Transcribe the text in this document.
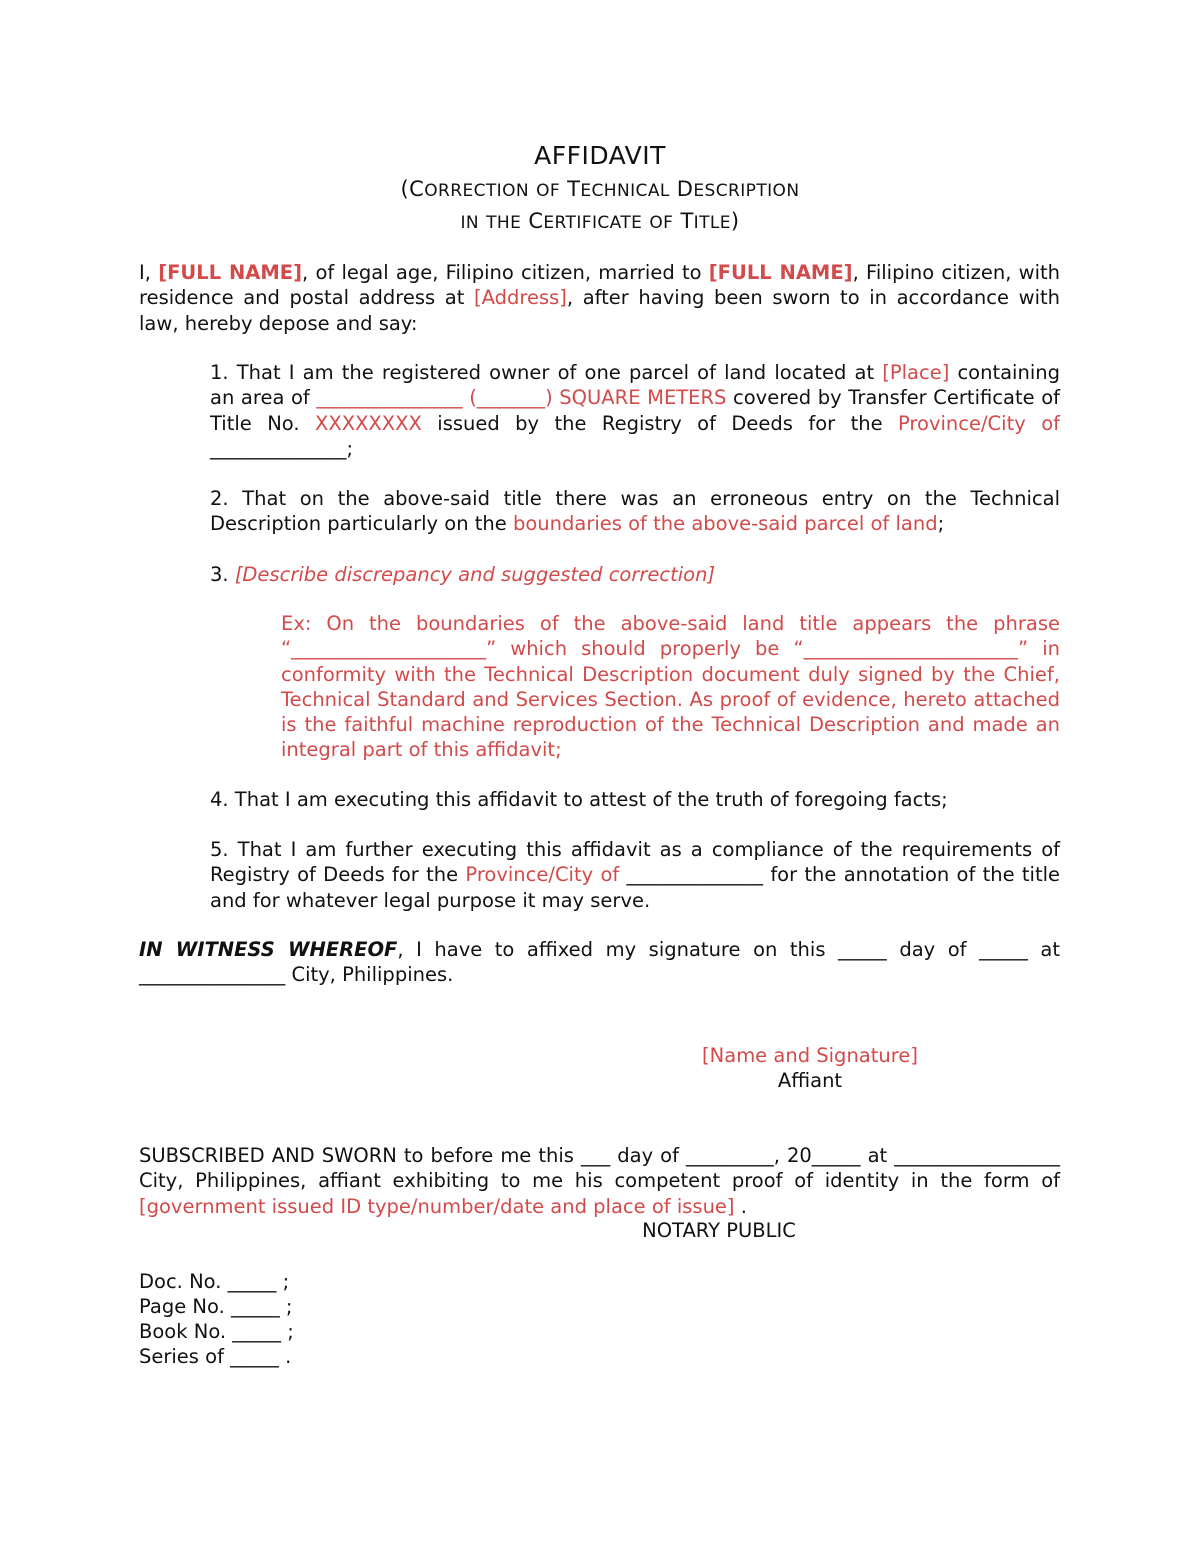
AFFIDAVIT
(CORRECTION OF TECHNICAL DESCRIPTION
IN THE CERTIFICATE OF TITLE)
I, [FULL NAME], of legal age, Filipino citizen, married to [FULL NAME], Filipino citizen, with residence and postal address at [Address], after having been sworn to in accordance with law, hereby depose and say:
1. That I am the registered owner of one parcel of land located at [Place] containing an area of _______________ (_______) SQUARE METERS covered by Transfer Certificate of Title No. XXXXXXXX issued by the Registry of Deeds for the Province/City of ______________;
2. That on the above-said title there was an erroneous entry on the Technical Description particularly on the boundaries of the above-said parcel of land;
3. [Describe discrepancy and suggested correction]
Ex: On the boundaries of the above-said land title appears the phrase “____________________” which should properly be “______________________” in conformity with the Technical Description document duly signed by the Chief, Technical Standard and Services Section. As proof of evidence, hereto attached is the faithful machine reproduction of the Technical Description and made an integral part of this affidavit;
4. That I am executing this affidavit to attest of the truth of foregoing facts;
5. That I am further executing this affidavit as a compliance of the requirements of Registry of Deeds for the Province/City of ______________ for the annotation of the title and for whatever legal purpose it may serve.
IN WITNESS WHEREOF, I have to affixed my signature on this _____ day of _____ at _______________ City, Philippines.
[Name and Signature]
Affiant
SUBSCRIBED AND SWORN to before me this ___ day of _________, 20_____ at _________________ City, Philippines, affiant exhibiting to me his competent proof of identity in the form of [government issued ID type/number/date and place of issue] .
NOTARY PUBLIC
Doc. No. _____ ;
Page No. _____ ;
Book No. _____ ;
Series of _____ .
